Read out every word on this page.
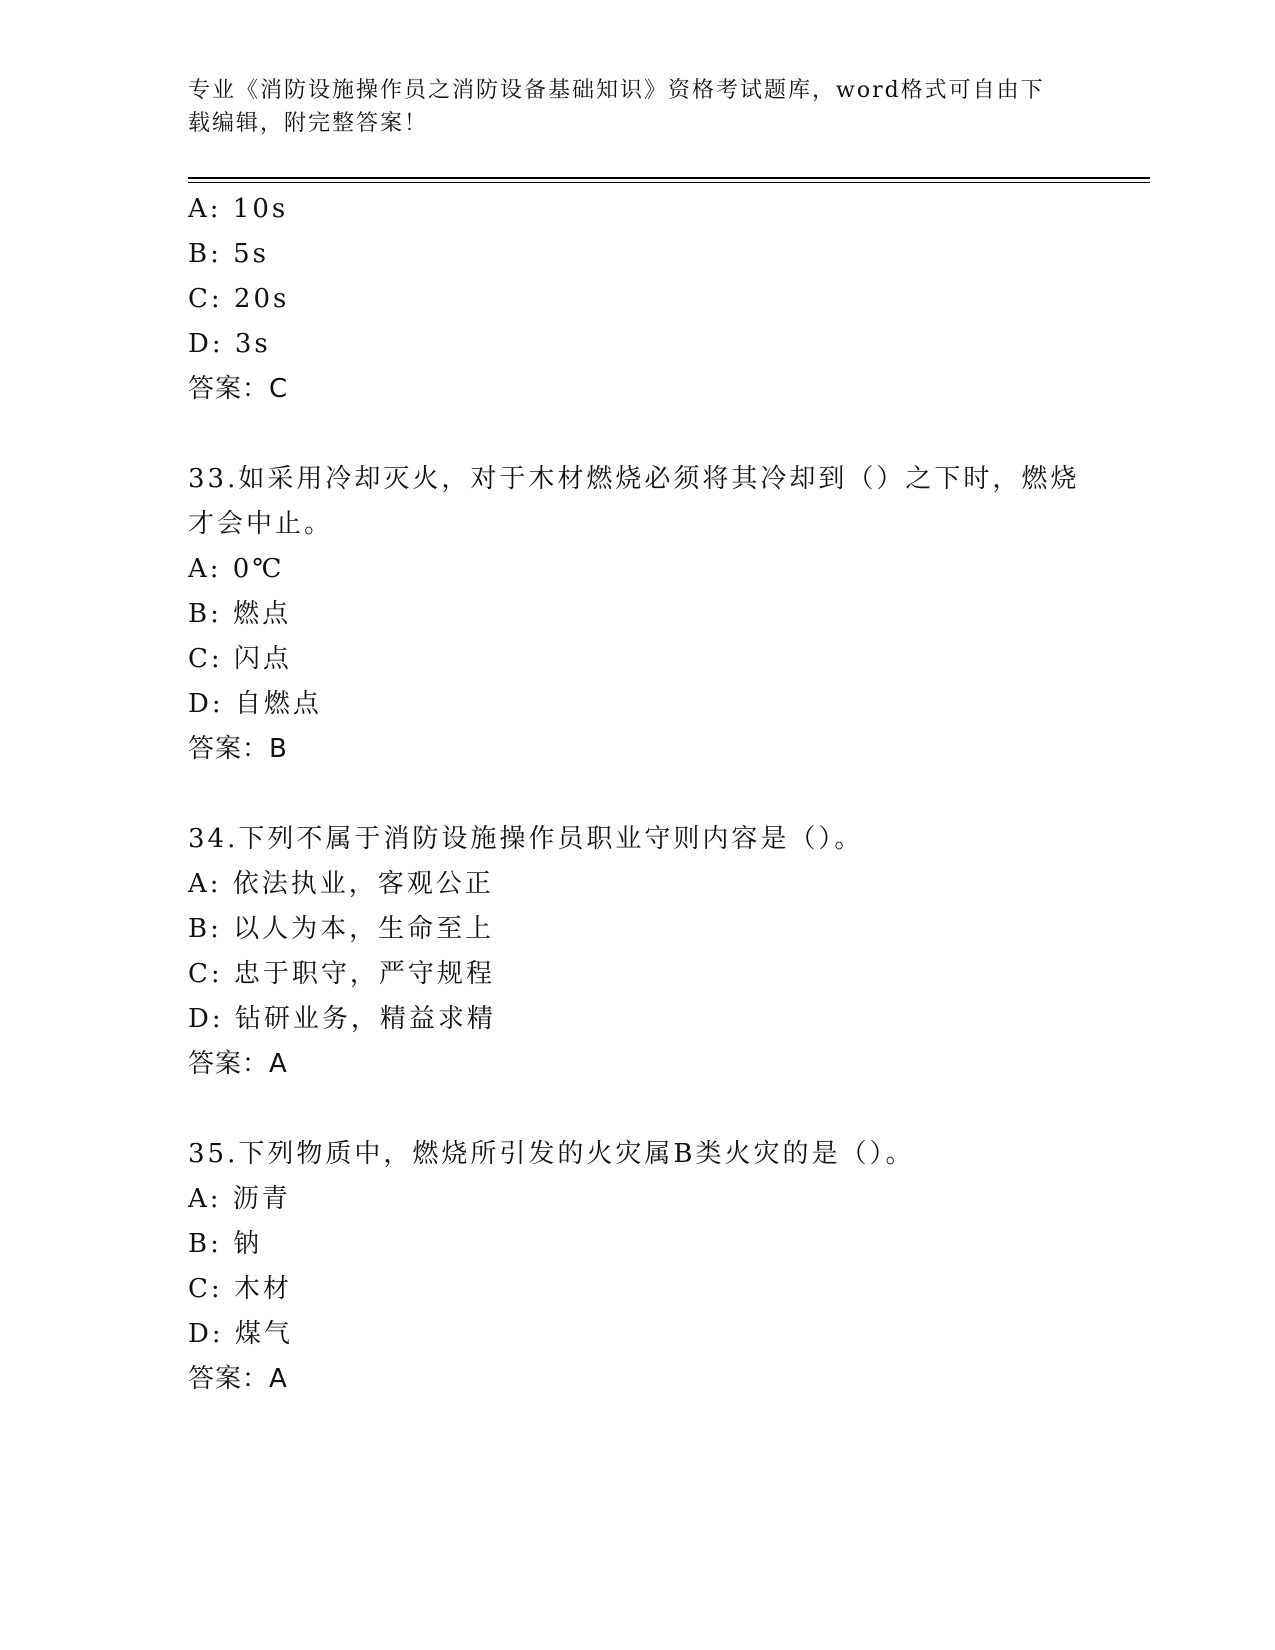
专业《消防设施操作员之消防设备基础知识》资格考试题库，word格式可自由下
载编辑，附完整答案！
A: 10s
B: 5s
C: 20s
D: 3s
答案：C
33.如采用冷却灭火，对于木材燃烧必须将其冷却到（）之下时，燃烧
才会中止。
A: 0℃
B: 燃点
C: 闪点
D: 自燃点
答案：B
34.下列不属于消防设施操作员职业守则内容是（）。
A: 依法执业，客观公正
B: 以人为本，生命至上
C: 忠于职守，严守规程
D: 钻研业务，精益求精
答案：A
35.下列物质中，燃烧所引发的火灾属B类火灾的是（）。
A: 沥青
B: 钠
C: 木材
D: 煤气
答案：A
